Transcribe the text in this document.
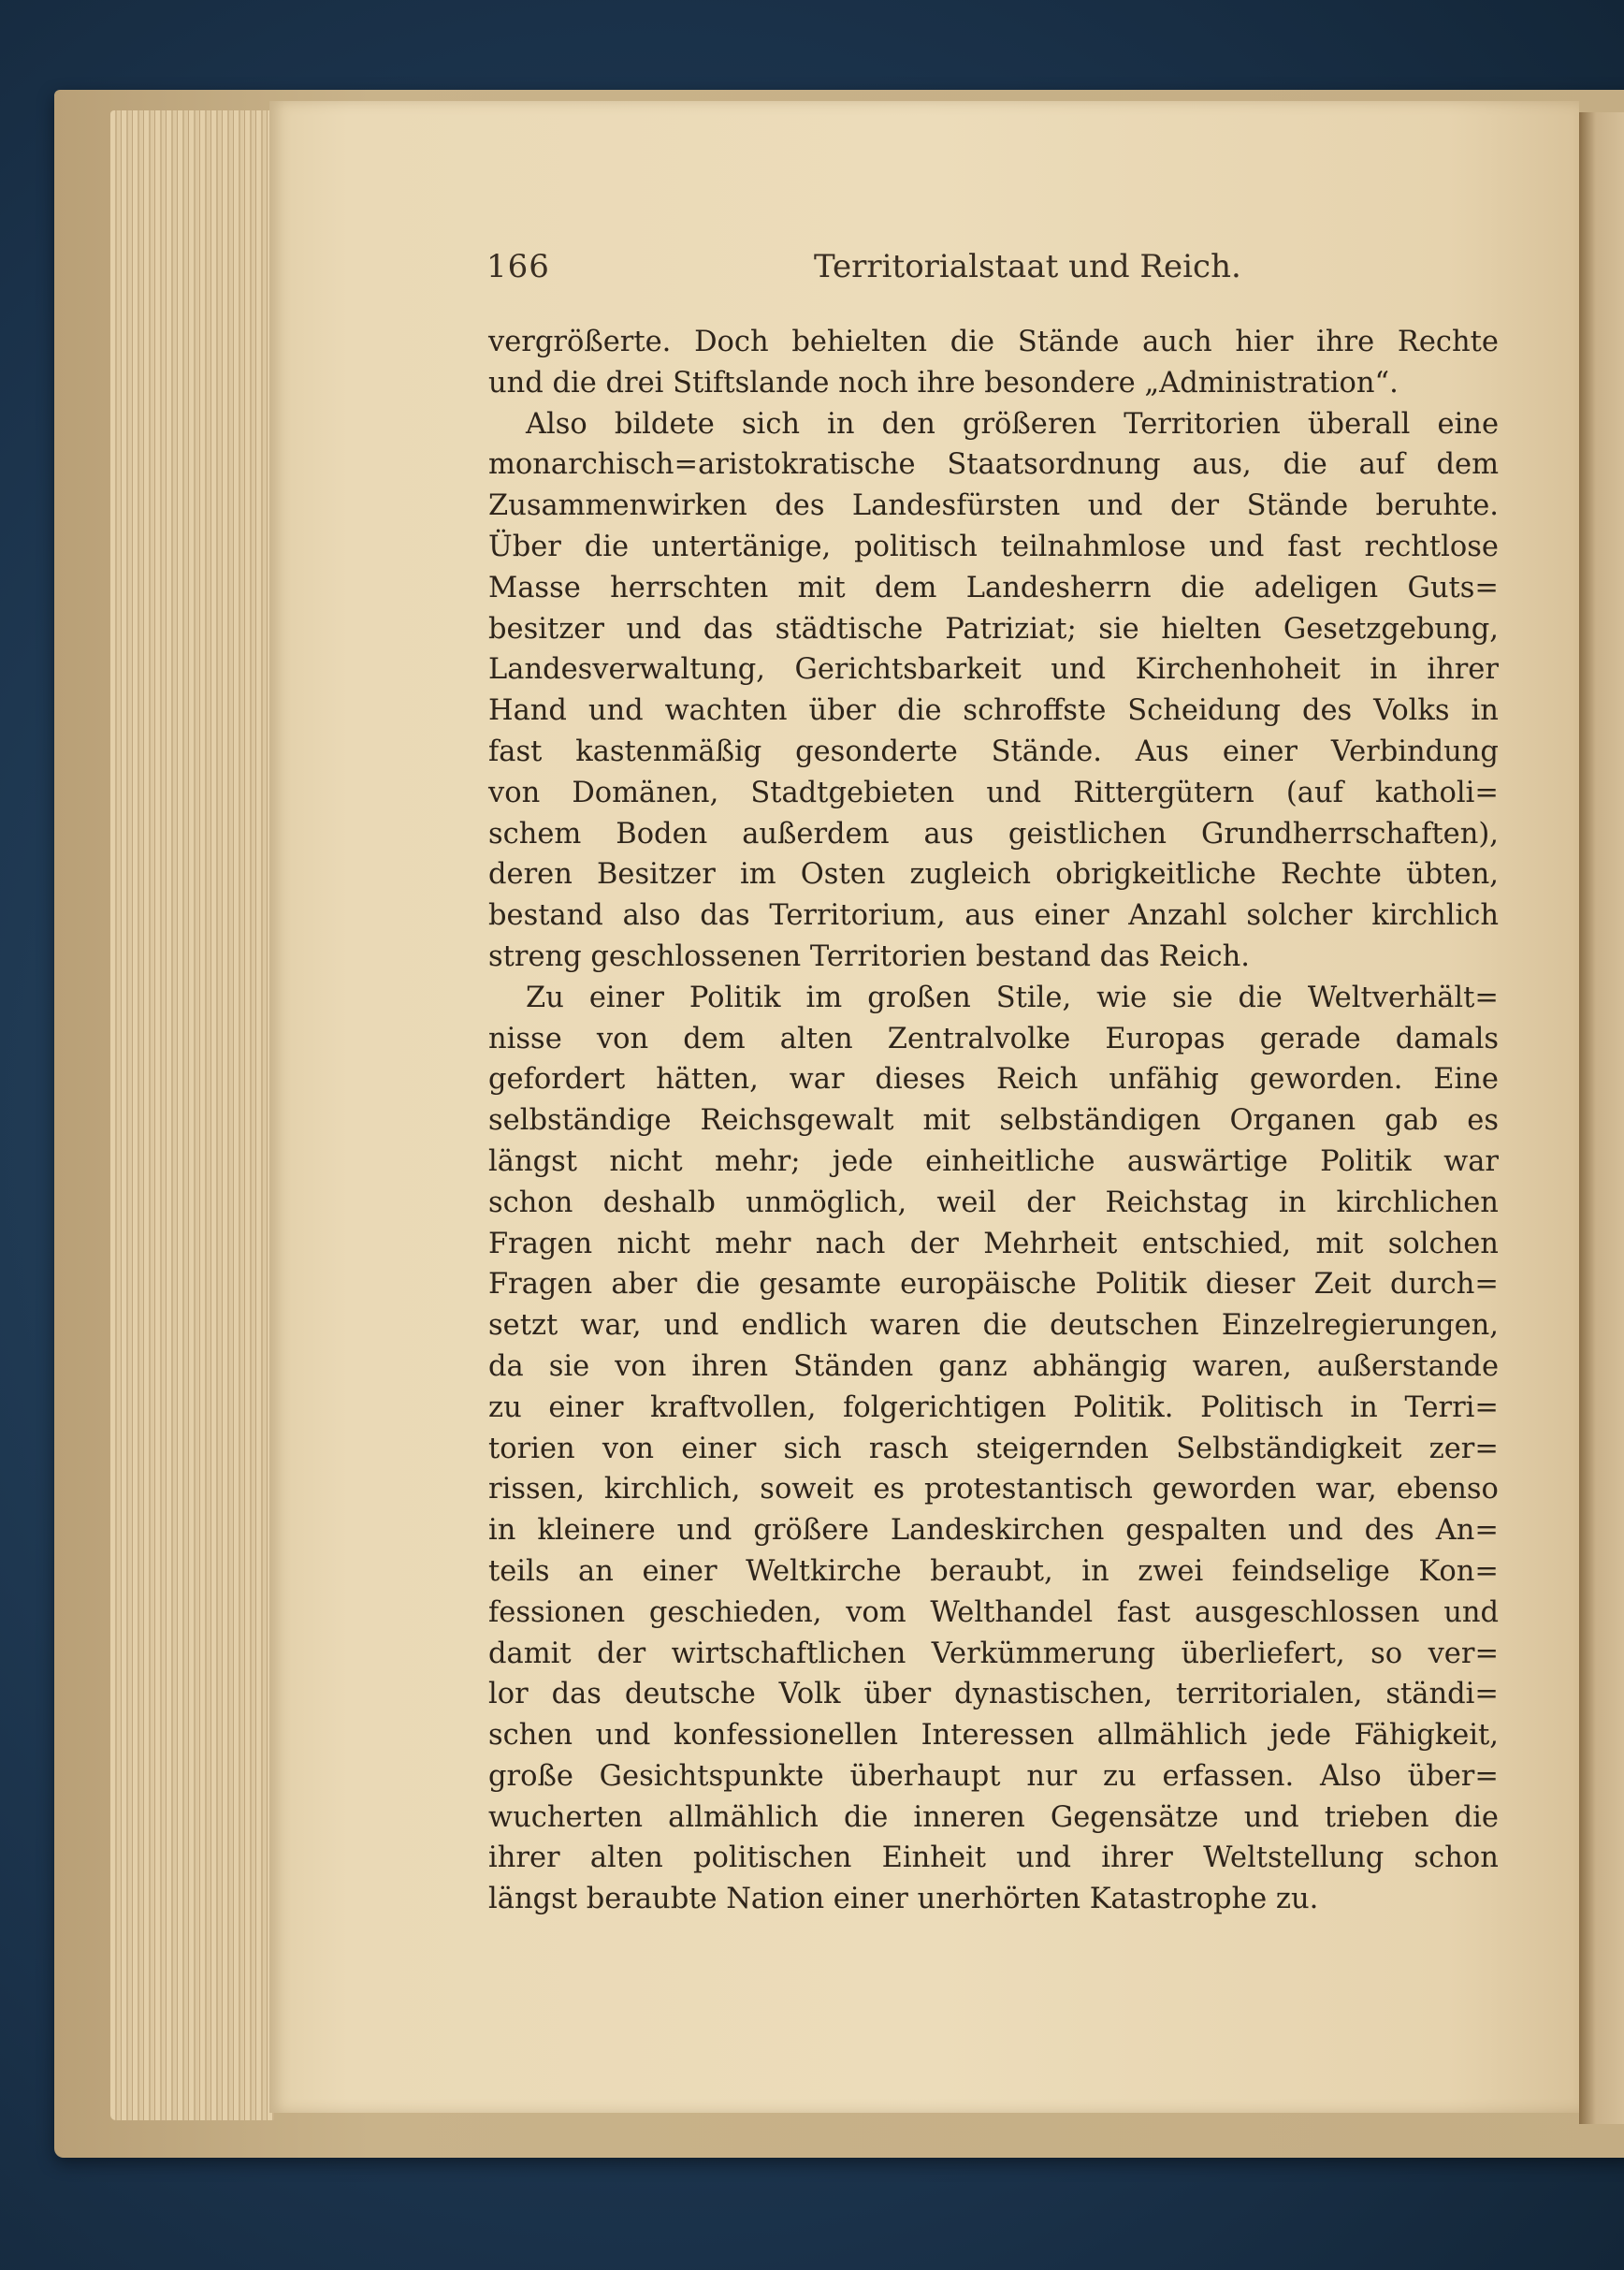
166	Territorialstaat und Reich.
vergrößerte. Doch behielten die Stände auch hier ihre Rechte
und die drei Stiftslande noch ihre besondere „Administration“.
Also bildete sich in den größeren Territorien überall eine
monarchisch=aristokratische Staatsordnung aus, die auf dem
Zusammenwirken des Landesfürsten und der Stände beruhte.
Über die untertänige, politisch teilnahmlose und fast rechtlose
Masse herrschten mit dem Landesherrn die adeligen Guts=
besitzer und das städtische Patriziat; sie hielten Gesetzgebung,
Landesverwaltung, Gerichtsbarkeit und Kirchenhoheit in ihrer
Hand und wachten über die schroffste Scheidung des Volks in
fast kastenmäßig gesonderte Stände. Aus einer Verbindung
von Domänen, Stadtgebieten und Rittergütern (auf katholi=
schem Boden außerdem aus geistlichen Grundherrschaften),
deren Besitzer im Osten zugleich obrigkeitliche Rechte übten,
bestand also das Territorium, aus einer Anzahl solcher kirchlich
streng geschlossenen Territorien bestand das Reich.
Zu einer Politik im großen Stile, wie sie die Weltverhält=
nisse von dem alten Zentralvolke Europas gerade damals
gefordert hätten, war dieses Reich unfähig geworden. Eine
selbständige Reichsgewalt mit selbständigen Organen gab es
längst nicht mehr; jede einheitliche auswärtige Politik war
schon deshalb unmöglich, weil der Reichstag in kirchlichen
Fragen nicht mehr nach der Mehrheit entschied, mit solchen
Fragen aber die gesamte europäische Politik dieser Zeit durch=
setzt war, und endlich waren die deutschen Einzelregierungen,
da sie von ihren Ständen ganz abhängig waren, außerstande
zu einer kraftvollen, folgerichtigen Politik. Politisch in Terri=
torien von einer sich rasch steigernden Selbständigkeit zer=
rissen, kirchlich, soweit es protestantisch geworden war, ebenso
in kleinere und größere Landeskirchen gespalten und des An=
teils an einer Weltkirche beraubt, in zwei feindselige Kon=
fessionen geschieden, vom Welthandel fast ausgeschlossen und
damit der wirtschaftlichen Verkümmerung überliefert, so ver=
lor das deutsche Volk über dynastischen, territorialen, ständi=
schen und konfessionellen Interessen allmählich jede Fähigkeit,
große Gesichtspunkte überhaupt nur zu erfassen. Also über=
wucherten allmählich die inneren Gegensätze und trieben die
ihrer alten politischen Einheit und ihrer Weltstellung schon
längst beraubte Nation einer unerhörten Katastrophe zu.
